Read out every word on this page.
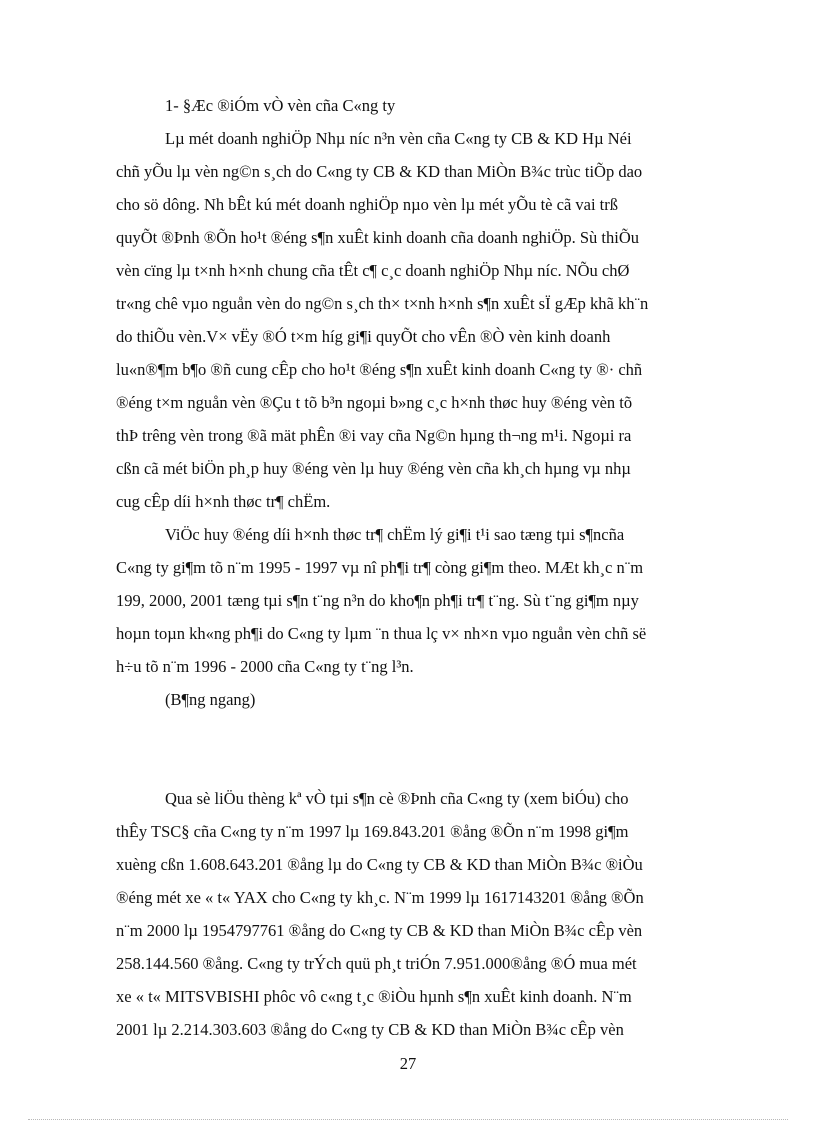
1- §Æc ®iÓm vÒ vèn cña C«ng ty
Lµ mét doanh nghiÖp Nhµ níc n³n vèn cña C«ng ty CB & KD Hµ Néi
chñ yÕu lµ vèn ng©n s¸ch do C«ng ty CB & KD than MiÒn B¾c trùc tiÕp dao
cho sö dông. Nh bÊt kú mét doanh nghiÖp nµo vèn lµ mét yÕu tè cã vai trß
quyÕt ®Þnh ®Õn ho¹t ®éng s¶n xuÊt kinh doanh cña doanh nghiÖp. Sù thiÕu
vèn cïng lµ t×nh h×nh chung cña tÊt c¶ c¸c doanh nghiÖp Nhµ níc. NÕu chØ
tr«ng chê vµo nguån vèn do ng©n s¸ch th× t×nh h×nh s¶n xuÊt sÏ gÆp khã kh¨n
do thiÕu vèn.V× vËy ®Ó t×m híg gi¶i quyÕt cho vÊn ®Ò vèn kinh doanh
lu«n®¶m b¶o ®ñ cung cÊp cho ho¹t ®éng s¶n xuÊt kinh doanh C«ng ty ®· chñ
®éng t×m nguån vèn ®Çu t tõ b³n ngoµi b»ng c¸c h×nh thøc huy ®éng vèn tõ
thÞ trêng vèn trong ®ã mät phÊn ®i vay cña Ng©n hµng th¬ng m¹i. Ngoµi ra
cßn cã mét biÖn ph¸p huy ®éng vèn lµ huy ®éng vèn cña kh¸ch hµng vµ nhµ
cug cÊp díi h×nh thøc tr¶ chËm.
ViÖc huy ®éng díi h×nh thøc tr¶ chËm lý gi¶i t¹i sao tæng tµi s¶ncña
C«ng ty gi¶m tõ n¨m 1995 - 1997 vµ nî ph¶i tr¶ còng gi¶m theo. MÆt kh¸c n¨m
199, 2000, 2001 tæng tµi s¶n t¨ng n³n do kho¶n ph¶i tr¶ t¨ng. Sù t¨ng gi¶m nµy
hoµn toµn kh«ng ph¶i do C«ng ty lµm ¨n thua lç v× nh×n vµo nguån vèn chñ së
h÷u tõ n¨m 1996 - 2000 cña C«ng ty t¨ng l³n.
(B¶ng ngang)
Qua sè liÖu thèng kª vÒ tµi s¶n cè ®Þnh cña C«ng ty (xem biÓu) cho
thÊy TSC§ cña C«ng ty n¨m 1997 lµ 169.843.201 ®ång ®Õn n¨m 1998 gi¶m
xuèng cßn 1.608.643.201 ®ång lµ do C«ng ty CB & KD than MiÒn B¾c ®iÒu
®éng mét xe « t« YAX cho C«ng ty kh¸c. N¨m 1999 lµ 1617143201 ®ång ®Õn
n¨m 2000 lµ 1954797761 ®ång do C«ng ty CB & KD than MiÒn B¾c cÊp vèn
258.144.560 ®ång. C«ng ty trÝch quü ph¸t triÓn 7.951.000®ång ®Ó mua mét
xe « t« MITSVBISHI phôc vô c«ng t¸c ®iÒu hµnh s¶n xuÊt kinh doanh. N¨m
2001 lµ 2.214.303.603 ®ång do C«ng ty CB & KD than MiÒn B¾c cÊp vèn
27
